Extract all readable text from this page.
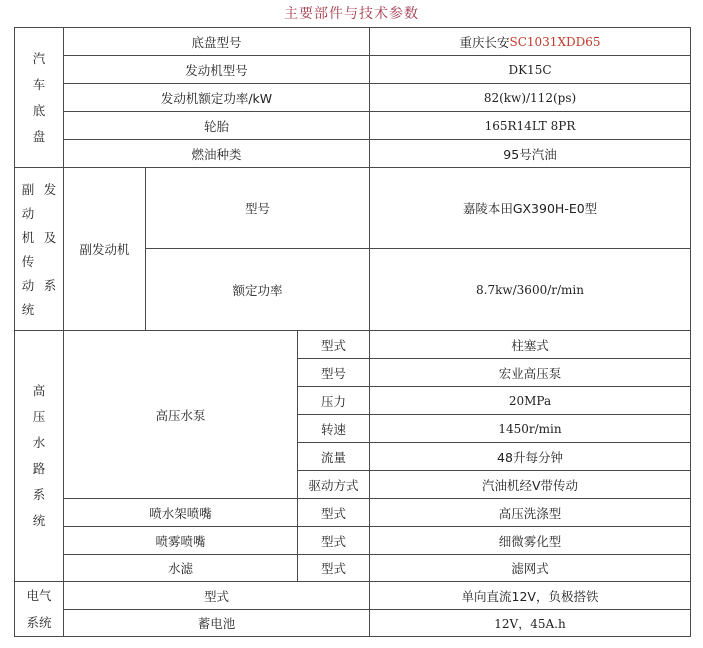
主要部件与技术参数
汽
车
底
盘
底盘型号	重庆长安 SC1031XDD65
发动机型号	DK15C
发动机额定功率/kW	82(kw)/112(ps)
轮胎	165R14LT 8PR
燃油种类	95号汽油
副 发
动
机 及
传
动 系
统
副发动机
型号	嘉陵本田GX390H-E0型
额定功率	8.7kw/3600/r/min
高
压
水
路
系
统
高压水泵
型式	柱塞式
型号	宏业高压泵
压力	20MPa
转速	1450r/min
流量	48升每分钟
驱动方式	汽油机经V带传动
喷水架喷嘴	型式	高压洗涤型
喷雾喷嘴	型式	细微雾化型
水滤	型式	滤网式
电气
系统
型式	单向直流12V，负极搭铁
蓄电池	12V，45A.h
